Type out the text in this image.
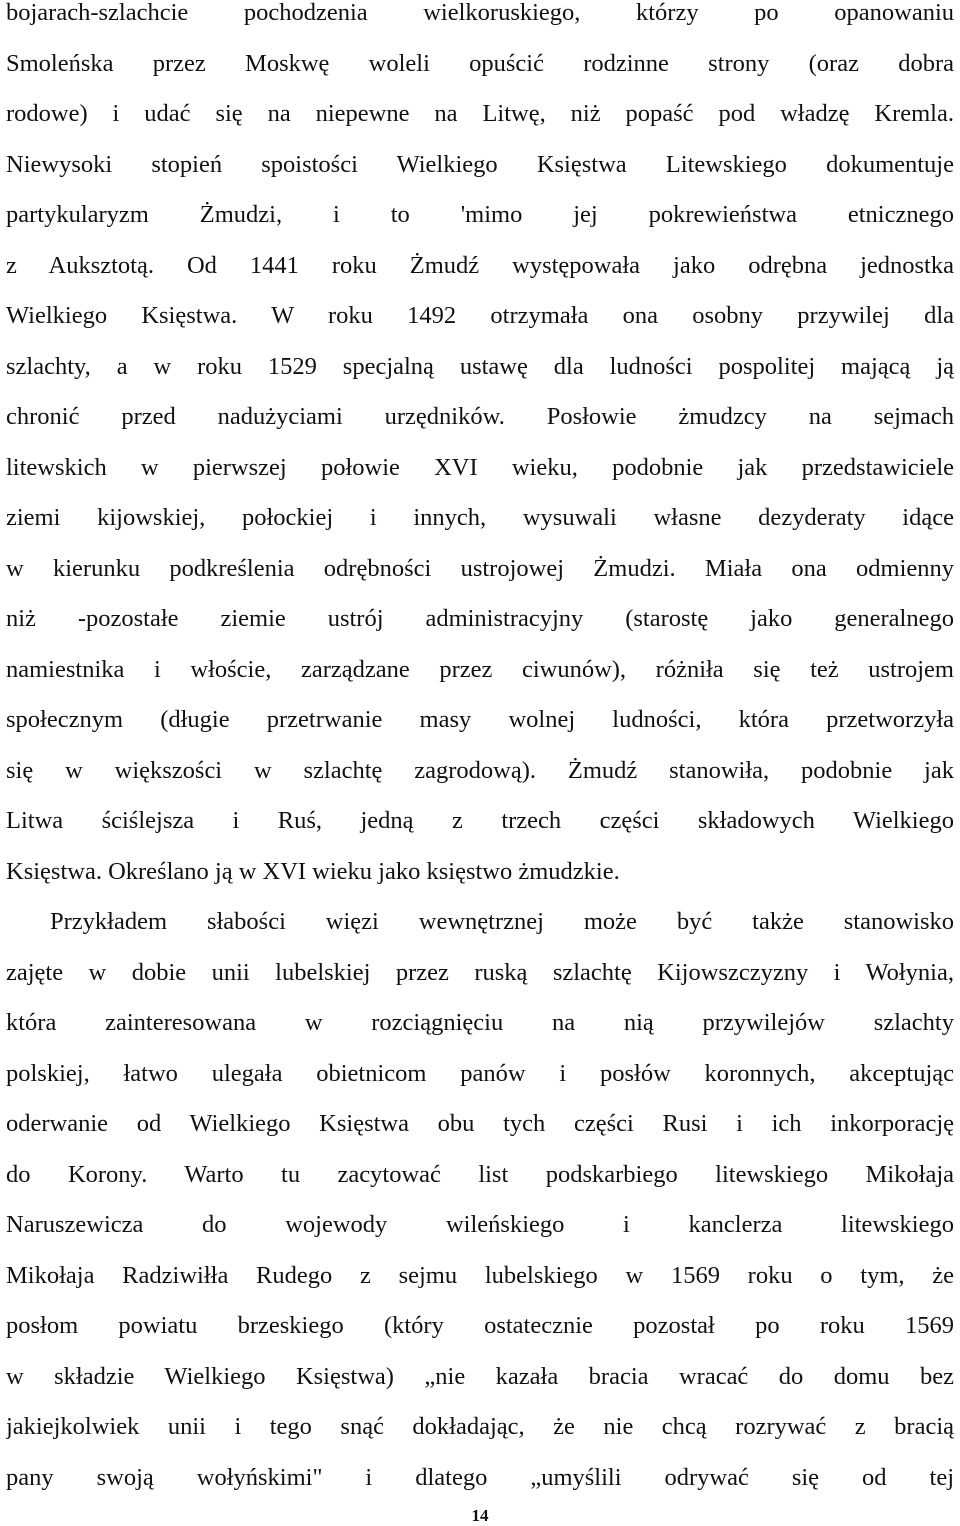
bojarach-szlachcie pochodzenia wielkoruskiego, którzy po opanowaniu
Smoleńska przez Moskwę woleli opuścić rodzinne strony (oraz dobra
rodowe) i udać się na niepewne na Litwę, niż popaść pod władzę Kremla.
Niewysoki stopień spoistości Wielkiego Księstwa Litewskiego dokumentuje
partykularyzm Żmudzi, i to 'mimo jej pokrewieństwa etnicznego
z Auksztotą. Od 1441 roku Żmudź występowała jako odrębna jednostka
Wielkiego Księstwa. W roku 1492 otrzymała ona osobny przywilej dla
szlachty, a w roku 1529 specjalną ustawę dla ludności pospolitej mającą ją
chronić przed nadużyciami urzędników. Posłowie żmudzcy na sejmach
litewskich w pierwszej połowie XVI wieku, podobnie jak przedstawiciele
ziemi kijowskiej, połockiej i innych, wysuwali własne dezyderaty idące
w kierunku podkreślenia odrębności ustrojowej Żmudzi. Miała ona odmienny
niż -pozostałe ziemie ustrój administracyjny (starostę jako generalnego
namiestnika i włoście, zarządzane przez ciwunów), różniła się też ustrojem
społecznym (długie przetrwanie masy wolnej ludności, która przetworzyła
się w większości w szlachtę zagrodową). Żmudź stanowiła, podobnie jak
Litwa ściślejsza i Ruś, jedną z trzech części składowych Wielkiego
Księstwa. Określano ją w XVI wieku jako księstwo żmudzkie.
Przykładem słabości więzi wewnętrznej może być także stanowisko
zajęte w dobie unii lubelskiej przez ruską szlachtę Kijowszczyzny i Wołynia,
która zainteresowana w rozciągnięciu na nią przywilejów szlachty
polskiej, łatwo ulegała obietnicom panów i posłów koronnych, akceptując
oderwanie od Wielkiego Księstwa obu tych części Rusi i ich inkorporację
do Korony. Warto tu zacytować list podskarbiego litewskiego Mikołaja
Naruszewicza do wojewody wileńskiego i kanclerza litewskiego
Mikołaja Radziwiłła Rudego z sejmu lubelskiego w 1569 roku o tym, że
posłom powiatu brzeskiego (który ostatecznie pozostał po roku 1569
w składzie Wielkiego Księstwa) „nie kazała bracia wracać do domu bez
jakiejkolwiek unii i tego snąć dokładając, że nie chcą rozrywać z bracią
pany swoją wołyńskimi" i dlatego „umyślili odrywać się od tej
14
